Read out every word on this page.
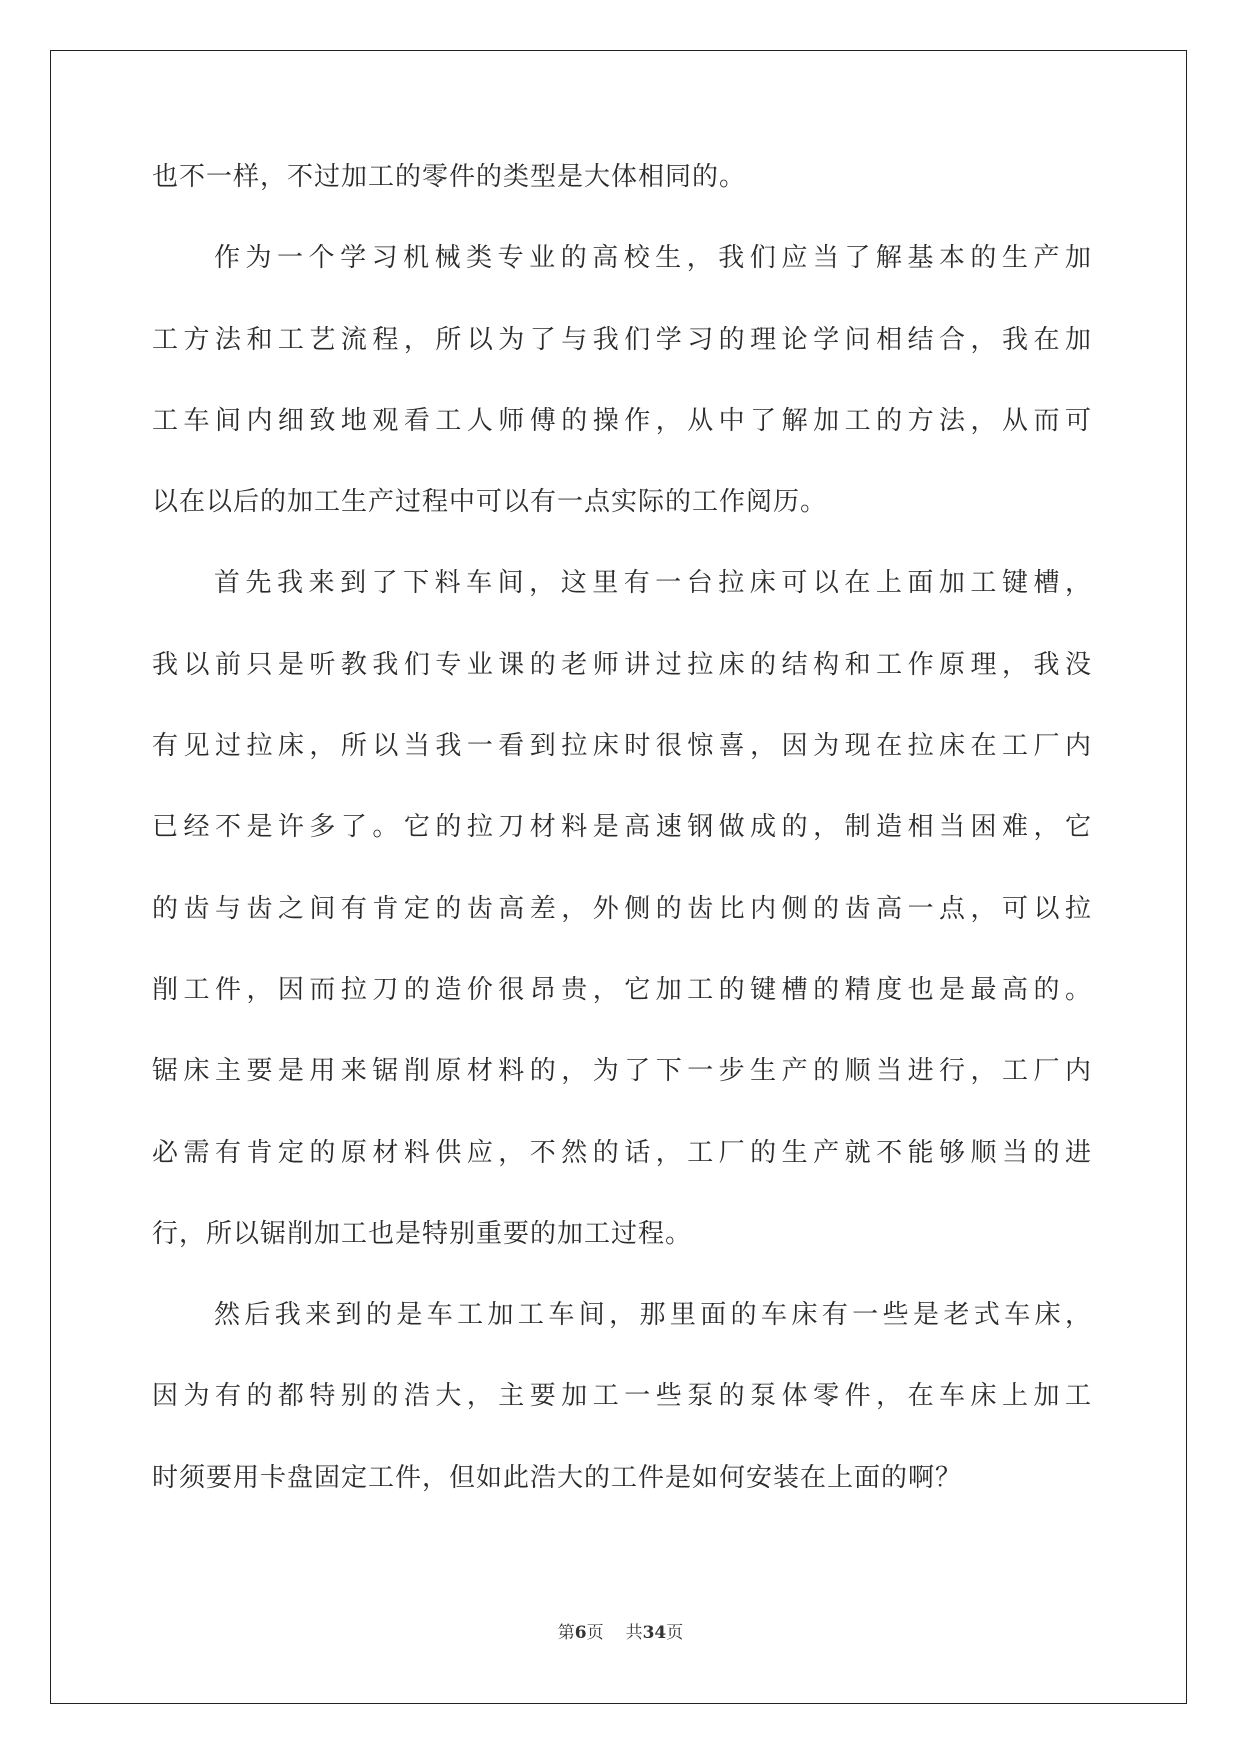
也不一样，不过加工的零件的类型是大体相同的。
作为一个学习机械类专业的高校生，我们应当了解基本的生产加
工方法和工艺流程，所以为了与我们学习的理论学问相结合，我在加
工车间内细致地观看工人师傅的操作，从中了解加工的方法，从而可
以在以后的加工生产过程中可以有一点实际的工作阅历。
首先我来到了下料车间，这里有一台拉床可以在上面加工键槽，
我以前只是听教我们专业课的老师讲过拉床的结构和工作原理，我没
有见过拉床，所以当我一看到拉床时很惊喜，因为现在拉床在工厂内
已经不是许多了。它的拉刀材料是高速钢做成的，制造相当困难，它
的齿与齿之间有肯定的齿高差，外侧的齿比内侧的齿高一点，可以拉
削工件，因而拉刀的造价很昂贵，它加工的键槽的精度也是最高的。
锯床主要是用来锯削原材料的，为了下一步生产的顺当进行，工厂内
必需有肯定的原材料供应，不然的话，工厂的生产就不能够顺当的进
行，所以锯削加工也是特别重要的加工过程。
然后我来到的是车工加工车间，那里面的车床有一些是老式车床，
因为有的都特别的浩大，主要加工一些泵的泵体零件，在车床上加工
时须要用卡盘固定工件，但如此浩大的工件是如何安装在上面的啊？
第6页 共34页
